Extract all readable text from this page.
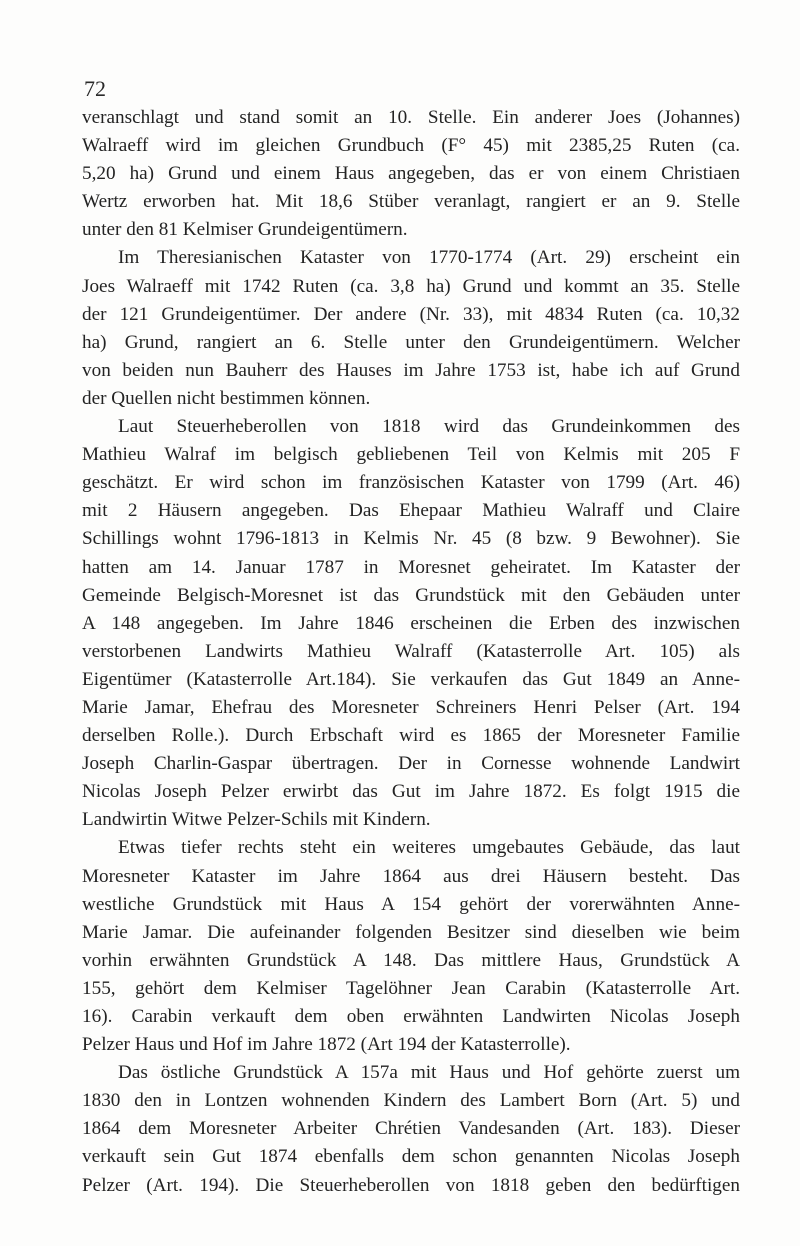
72

veranschlagt und stand somit an 10. Stelle. Ein anderer Joes (Johannes)
Walraeff wird im gleichen Grundbuch (F° 45) mit 2385,25 Ruten (ca.
5,20 ha) Grund und einem Haus angegeben, das er von einem Christiaen
Wertz erworben hat. Mit 18,6 Stüber veranlagt, rangiert er an 9. Stelle
unter den 81 Kelmiser Grundeigentümern.

Im Theresianischen Kataster von 1770-1774 (Art. 29) erscheint ein
Joes Walraeff mit 1742 Ruten (ca. 3,8 ha) Grund und kommt an 35. Stelle
der 121 Grundeigentümer. Der andere (Nr. 33), mit 4834 Ruten (ca. 10,32
ha) Grund, rangiert an 6. Stelle unter den Grundeigentümern. Welcher
von beiden nun Bauherr des Hauses im Jahre 1753 ist, habe ich auf Grund
der Quellen nicht bestimmen können.

Laut Steuerheberollen von 1818 wird das Grundeinkommen des
Mathieu Walraf im belgisch gebliebenen Teil von Kelmis mit 205 F
geschätzt. Er wird schon im französischen Kataster von 1799 (Art. 46)
mit 2 Häusern angegeben. Das Ehepaar Mathieu Walraff und Claire
Schillings wohnt 1796-1813 in Kelmis Nr. 45 (8 bzw. 9 Bewohner). Sie
hatten am 14. Januar 1787 in Moresnet geheiratet. Im Kataster der
Gemeinde Belgisch-Moresnet ist das Grundstück mit den Gebäuden unter
A 148 angegeben. Im Jahre 1846 erscheinen die Erben des inzwischen
verstorbenen Landwirts Mathieu Walraff (Katasterrolle Art. 105) als
Eigentümer (Katasterrolle Art.184). Sie verkaufen das Gut 1849 an Anne-
Marie Jamar, Ehefrau des Moresneter Schreiners Henri Pelser (Art. 194
derselben Rolle.). Durch Erbschaft wird es 1865 der Moresneter Familie
Joseph Charlin-Gaspar übertragen. Der in Cornesse wohnende Landwirt
Nicolas Joseph Pelzer erwirbt das Gut im Jahre 1872. Es folgt 1915 die
Landwirtin Witwe Pelzer-Schils mit Kindern.

Etwas tiefer rechts steht ein weiteres umgebautes Gebäude, das laut
Moresneter Kataster im Jahre 1864 aus drei Häusern besteht. Das
westliche Grundstück mit Haus A 154 gehört der vorerwähnten Anne-
Marie Jamar. Die aufeinander folgenden Besitzer sind dieselben wie beim
vorhin erwähnten Grundstück A 148. Das mittlere Haus, Grundstück A
155, gehört dem Kelmiser Tagelöhner Jean Carabin (Katasterrolle Art.
16). Carabin verkauft dem oben erwähnten Landwirten Nicolas Joseph
Pelzer Haus und Hof im Jahre 1872 (Art 194 der Katasterrolle).

Das östliche Grundstück A 157a mit Haus und Hof gehörte zuerst um
1830 den in Lontzen wohnenden Kindern des Lambert Born (Art. 5) und
1864 dem Moresneter Arbeiter Chrétien Vandesanden (Art. 183). Dieser
verkauft sein Gut 1874 ebenfalls dem schon genannten Nicolas Joseph
Pelzer (Art. 194). Die Steuerheberollen von 1818 geben den bedürftigen
